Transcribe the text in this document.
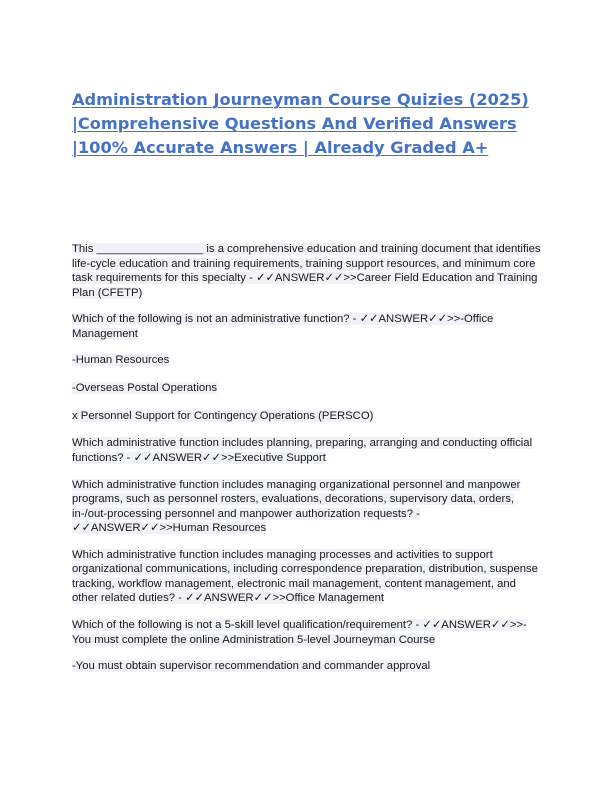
Administration Journeyman Course Quizies (2025) |Comprehensive Questions And Verified Answers |100% Accurate Answers | Already Graded A+

This _________________ is a comprehensive education and training document that identifies life-cycle education and training requirements, training support resources, and minimum core task requirements for this specialty - ✓✓ANSWER✓✓>>Career Field Education and Training Plan (CFETP)

Which of the following is not an administrative function? - ✓✓ANSWER✓✓>>-Office Management

-Human Resources

-Overseas Postal Operations

x Personnel Support for Contingency Operations (PERSCO)

Which administrative function includes planning, preparing, arranging and conducting official functions? - ✓✓ANSWER✓✓>>Executive Support

Which administrative function includes managing organizational personnel and manpower programs, such as personnel rosters, evaluations, decorations, supervisory data, orders, in-/out-processing personnel and manpower authorization requests? - ✓✓ANSWER✓✓>>Human Resources

Which administrative function includes managing processes and activities to support organizational communications, including correspondence preparation, distribution, suspense tracking, workflow management, electronic mail management, content management, and other related duties? - ✓✓ANSWER✓✓>>Office Management

Which of the following is not a 5-skill level qualification/requirement? - ✓✓ANSWER✓✓>>-You must complete the online Administration 5-level Journeyman Course

-You must obtain supervisor recommendation and commander approval
